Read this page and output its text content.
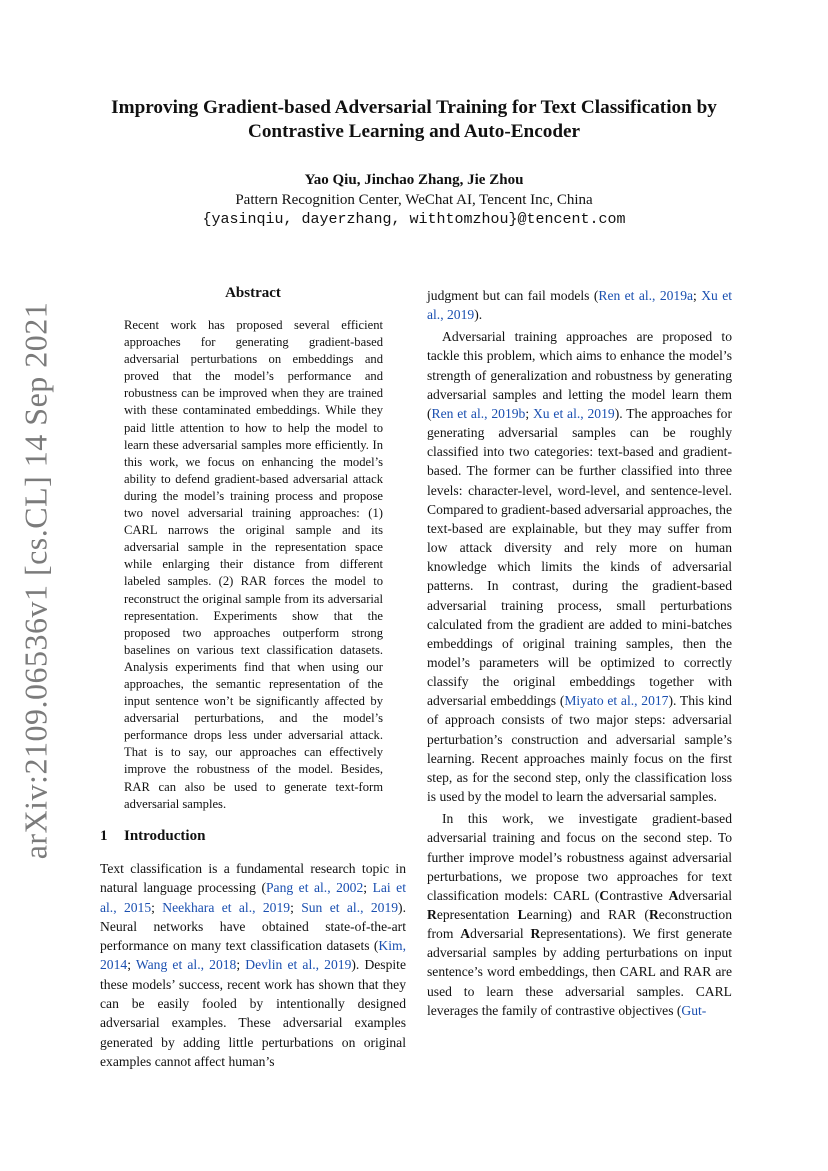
arXiv:2109.06536v1 [cs.CL] 14 Sep 2021
Improving Gradient-based Adversarial Training for Text Classification by
Contrastive Learning and Auto-Encoder
Yao Qiu, Jinchao Zhang, Jie Zhou
Pattern Recognition Center, WeChat AI, Tencent Inc, China
{yasinqiu, dayerzhang, withtomzhou}@tencent.com
Abstract
Recent work has proposed several efficient approaches for generating gradient-based adversarial perturbations on embeddings and proved that the model’s performance and robustness can be improved when they are trained with these contaminated embeddings. While they paid little attention to how to help the model to learn these adversarial samples more efficiently. In this work, we focus on enhancing the model’s ability to defend gradient-based adversarial attack during the model’s training process and propose two novel adversarial training approaches: (1) CARL narrows the original sample and its adversarial sample in the representation space while enlarging their distance from different labeled samples. (2) RAR forces the model to reconstruct the original sample from its adversarial representation. Experiments show that the proposed two approaches outperform strong baselines on various text classification datasets. Analysis experiments find that when using our approaches, the semantic representation of the input sentence won’t be significantly affected by adversarial perturbations, and the model’s performance drops less under adversarial attack. That is to say, our approaches can effectively improve the robustness of the model. Besides, RAR can also be used to generate text-form adversarial samples.
1 Introduction

Text classification is a fundamental research topic in natural language processing (Pang et al., 2002; Lai et al., 2015; Neekhara et al., 2019; Sun et al., 2019). Neural networks have obtained state-of-the-art performance on many text classification datasets (Kim, 2014; Wang et al., 2018; Devlin et al., 2019). Despite these models’ success, recent work has shown that they can be easily fooled by intentionally designed adversarial examples. These adversarial examples generated by adding little perturbations on original examples cannot affect human’s

judgment but can fail models (Ren et al., 2019a; Xu et al., 2019).

Adversarial training approaches are proposed to tackle this problem, which aims to enhance the model’s strength of generalization and robustness by generating adversarial samples and letting the model learn them (Ren et al., 2019b; Xu et al., 2019). The approaches for generating adversarial samples can be roughly classified into two categories: text-based and gradient-based. The former can be further classified into three levels: character-level, word-level, and sentence-level. Compared to gradient-based adversarial approaches, the text-based are explainable, but they may suffer from low attack diversity and rely more on human knowledge which limits the kinds of adversarial patterns. In contrast, during the gradient-based adversarial training process, small perturbations calculated from the gradient are added to mini-batches embeddings of original training samples, then the model’s parameters will be optimized to correctly classify the original embeddings together with adversarial embeddings (Miyato et al., 2017). This kind of approach consists of two major steps: adversarial perturbation’s construction and adversarial sample’s learning. Recent approaches mainly focus on the first step, as for the second step, only the classification loss is used by the model to learn the adversarial samples.

In this work, we investigate gradient-based adversarial training and focus on the second step. To further improve model’s robustness against adversarial perturbations, we propose two approaches for text classification models: CARL (Contrastive Adversarial Representation Learning) and RAR (Reconstruction from Adversarial Representations). We first generate adversarial samples by adding perturbations on input sentence’s word embeddings, then CARL and RAR are used to learn these adversarial samples. CARL leverages the family of contrastive objectives (Gut-
